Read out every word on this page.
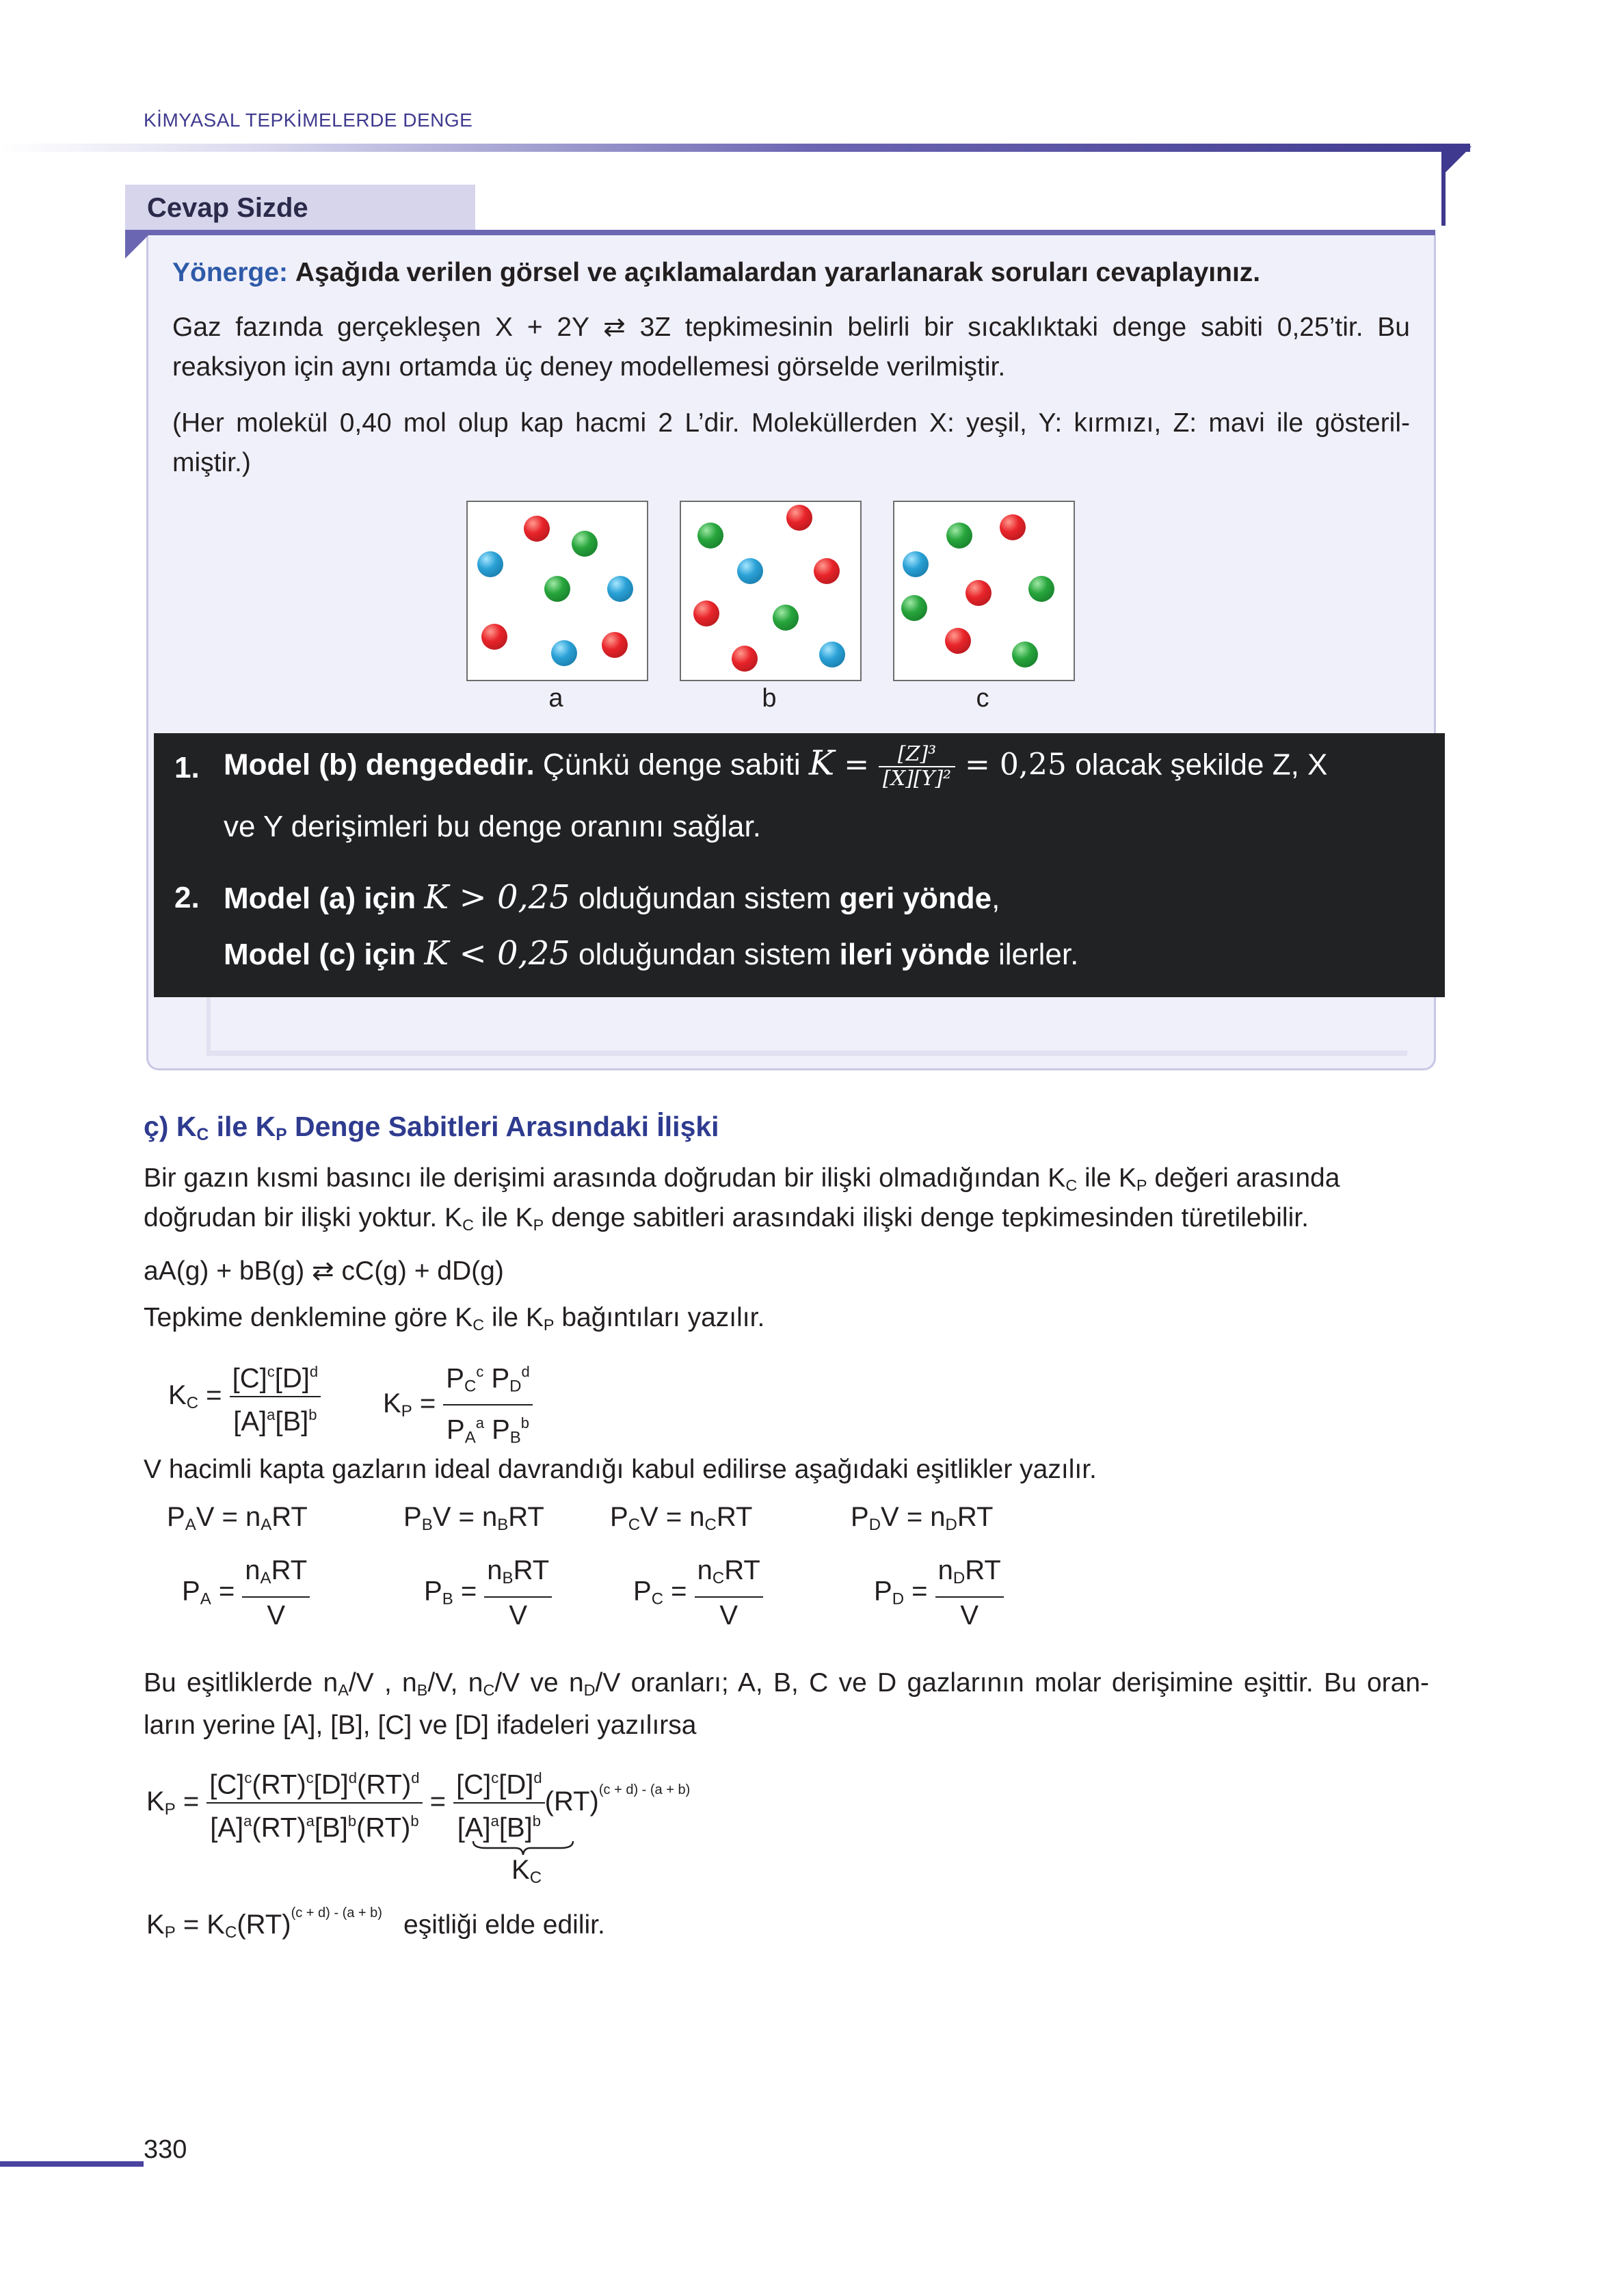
KİMYASAL TEPKİMELERDE DENGE
Cevap Sizde
Yönerge: Aşağıda verilen görsel ve açıklamalardan yararlanarak soruları cevaplayınız.
Gaz fazında gerçekleşen X + 2Y ⇄ 3Z tepkimesinin belirli bir sıcaklıktaki denge sabiti 0,25’tir. Bu
reaksiyon için aynı ortamda üç deney modellemesi görselde verilmiştir.
(Her molekül 0,40 mol olup kap hacmi 2 L’dir. Moleküllerden X: yeşil, Y: kırmızı, Z: mavi ile gösteril-
miştir.)
a	b	c
1. Model (b) dengededir. Çünkü denge sabiti $K = \frac{\text{[Z]³}}{\text{[X][Y]²}} = 0,25$ olacak şekilde Z, X
ve Y derişimleri bu denge oranını sağlar.
2. Model (a) için K > 0,25 olduğundan sistem geri yönde,
Model (c) için K < 0,25 olduğundan sistem ileri yönde ilerler.
ç) $K_C$ ile $K_P$ Denge Sabitleri Arasındaki İlişki
Bir gazın kısmi basıncı ile derişimi arasında doğrudan bir ilişki olmadığından $K_C$ ile $K_P$ değeri arasında
doğrudan bir ilişki yoktur. $K_C$ ile $K_P$ denge sabitleri arasındaki ilişki denge tepkimesinden türetilebilir.
aA(g) + bB(g) ⇄ cC(g) + dD(g)
Tepkime denklemine göre $K_C$ ile $K_P$ bağıntıları yazılır.
$K_C = \frac{[C]^c[D]^d}{[A]^a[B]^b} K_P = \frac{P_C^c P_D^d}{P_A^a P_B^b}$
V hacimli kapta gazların ideal davrandığı kabul edilirse aşağıdaki eşitlikler yazılır.
$P_AV = n_ART$	$P_BV = n_BRT$ $P_CV = n_CRT$	$P_DV = n_DRT$
$P_A = \frac{n_ART}{V}$	$P_B = \frac{n_BRT}{V}$	$P_C = \frac{n_CRT}{V}$	$P_D = \frac{n_DRT}{V}$
Bu eşitliklerde $n_A/V$ , $n_B/V$, $n_C/V$ ve $n_D/V$ oranları; A, B, C ve D gazlarının molar derişimine eşittir. Bu oran-
ların yerine [A], [B], [C] ve [D] ifadeleri yazılırsa
$K_P = \frac{[C]^c(RT)^c[D]^d(RT)^d}{[A]^a(RT)^a[B]^b(RT)^b} = \frac{[C]^c[D]^d}{[A]^a[B]^b} (RT)^{(c + d) - (a + b)}$
$K_C$
$K_P = K_C(RT)^{(c + d) - (a + b)}$ eşitliği elde edilir.
330
